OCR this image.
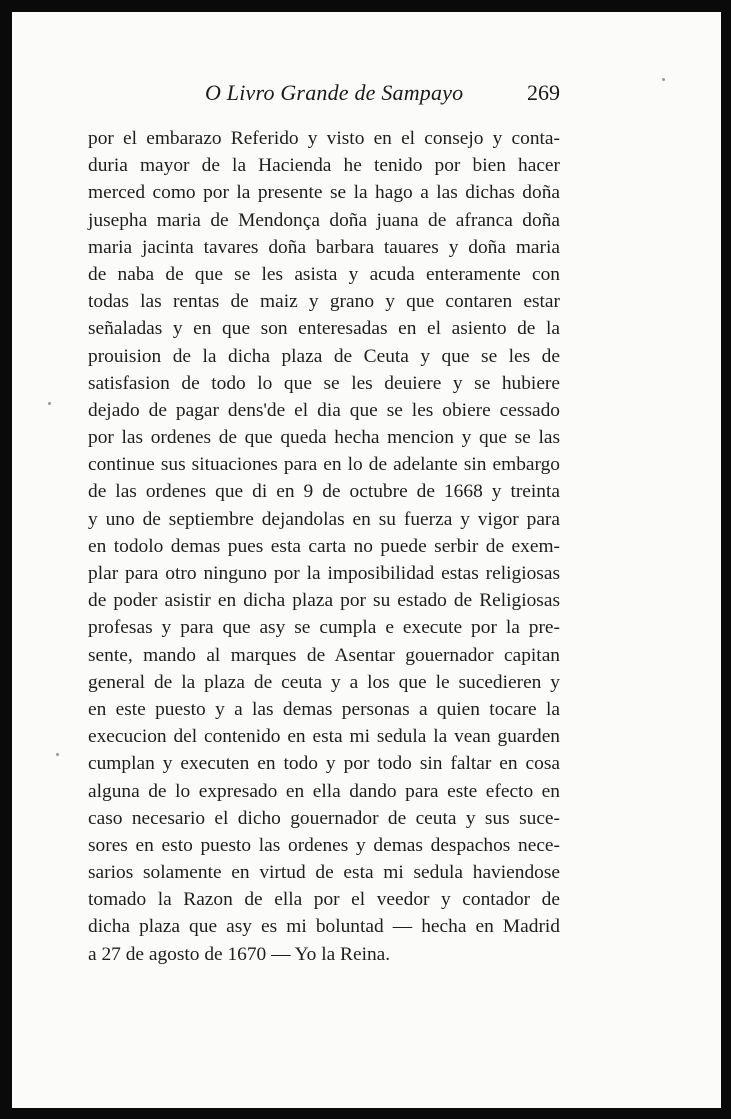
O Livro Grande de Sampayo	269
por el embarazo Referido y visto en el consejo y conta-
duria mayor de la Hacienda he tenido por bien hacer
merced como por la presente se la hago a las dichas doña
jusepha maria de Mendonça doña juana de afranca doña
maria jacinta tavares doña barbara tauares y doña maria
de naba de que se les asista y acuda enteramente con
todas las rentas de maiz y grano y que contaren estar
señaladas y en que son enteresadas en el asiento de la
prouision de la dicha plaza de Ceuta y que se les de
satisfasion de todo lo que se les deuiere y se hubiere
dejado de pagar dens'de el dia que se les obiere cessado
por las ordenes de que queda hecha mencion y que se las
continue sus situaciones para en lo de adelante sin embargo
de las ordenes que di en 9 de octubre de 1668 y treinta
y uno de septiembre dejandolas en su fuerza y vigor para
en todolo demas pues esta carta no puede serbir de exem-
plar para otro ninguno por la imposibilidad estas religiosas
de poder asistir en dicha plaza por su estado de Religiosas
profesas y para que asy se cumpla e execute por la pre-
sente, mando al marques de Asentar gouernador capitan
general de la plaza de ceuta y a los que le sucedieren y
en este puesto y a las demas personas a quien tocare la
execucion del contenido en esta mi sedula la vean guarden
cumplan y executen en todo y por todo sin faltar en cosa
alguna de lo expresado en ella dando para este efecto en
caso necesario el dicho gouernador de ceuta y sus suce-
sores en esto puesto las ordenes y demas despachos nece-
sarios solamente en virtud de esta mi sedula haviendose
tomado la Razon de ella por el veedor y contador de
dicha plaza que asy es mi boluntad — hecha en Madrid
a 27 de agosto de 1670 — Yo la Reina.
